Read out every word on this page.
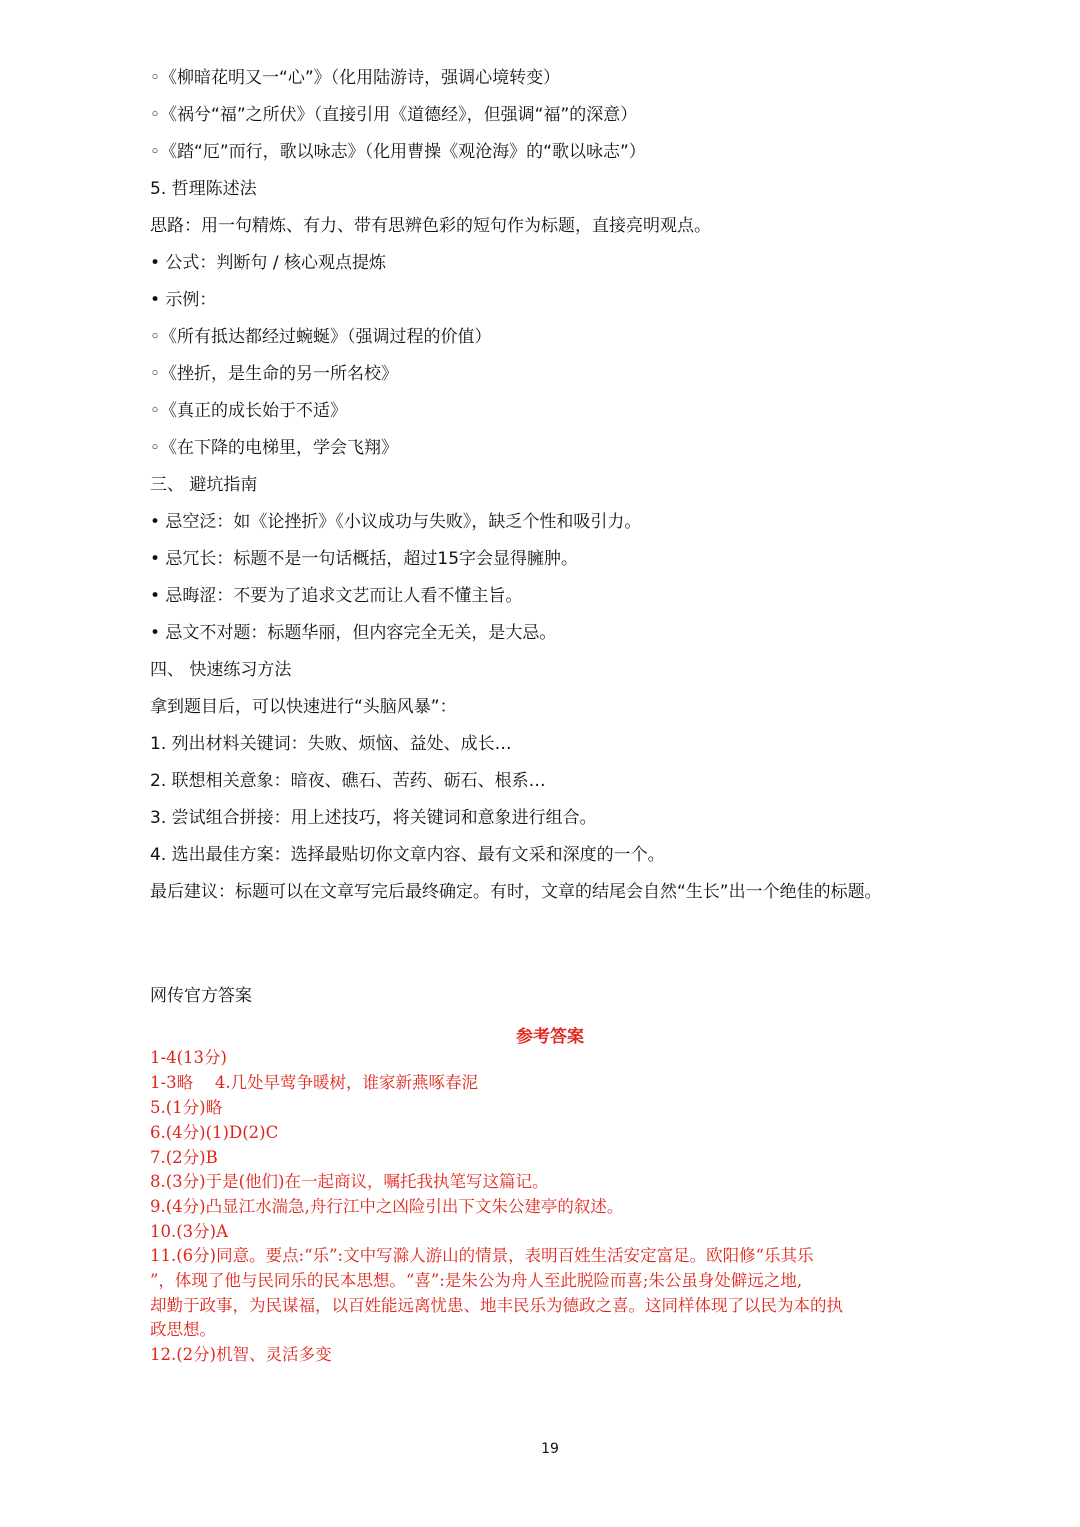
◦《柳暗花明又一“心”》（化用陆游诗，强调心境转变）
◦《祸兮“福”之所伏》（直接引用《道德经》，但强调“福”的深意）
◦《踏“厄”而行，歌以咏志》（化用曹操《观沧海》的“歌以咏志”）
5. 哲理陈述法
思路：用一句精炼、有力、带有思辨色彩的短句作为标题，直接亮明观点。
• 公式：判断句 / 核心观点提炼
• 示例：
◦《所有抵达都经过蜿蜒》（强调过程的价值）
◦《挫折，是生命的另一所名校》
◦《真正的成长始于不适》
◦《在下降的电梯里，学会飞翔》
三、 避坑指南
• 忌空泛：如《论挫折》《小议成功与失败》，缺乏个性和吸引力。
• 忌冗长：标题不是一句话概括，超过15字会显得臃肿。
• 忌晦涩：不要为了追求文艺而让人看不懂主旨。
• 忌文不对题：标题华丽，但内容完全无关，是大忌。
四、 快速练习方法
拿到题目后，可以快速进行“头脑风暴”：
1. 列出材料关键词：失败、烦恼、益处、成长…
2. 联想相关意象：暗夜、礁石、苦药、砺石、根系…
3. 尝试组合拼接：用上述技巧，将关键词和意象进行组合。
4. 选出最佳方案：选择最贴切你文章内容、最有文采和深度的一个。
最后建议：标题可以在文章写完后最终确定。有时，文章的结尾会自然“生长”出一个绝佳的标题。
网传官方答案
参考答案
1-4(13分)
1-3略　 4.几处早莺争暖树，谁家新燕啄春泥
5.(1分)略
6.(4分)(1)D(2)C
7.(2分)B
8.(3分)于是(他们)在一起商议，嘱托我执笔写这篇记。
9.(4分)凸显江水湍急,舟行江中之凶险引出下文朱公建亭的叙述。
10.(3分)A
11.(6分)同意。要点:“乐”:文中写滁人游山的情景，表明百姓生活安定富足。欧阳修“乐其乐
”，体现了他与民同乐的民本思想。“喜”:是朱公为舟人至此脱险而喜;朱公虽身处僻远之地,
却勤于政事，为民谋福，以百姓能远离忧患、地丰民乐为德政之喜。这同样体现了以民为本的执
政思想。
12.(2分)机智、灵活多变
19
